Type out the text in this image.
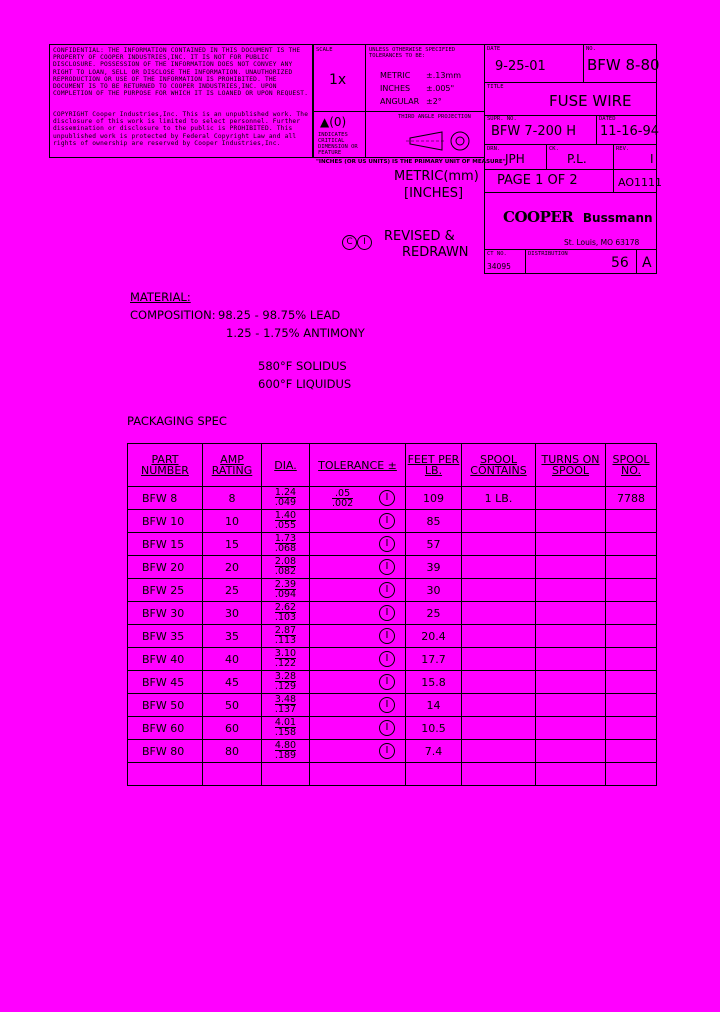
CONFIDENTIAL: THE INFORMATION CONTAINED IN THIS DOCUMENT IS THE PROPERTY OF COOPER INDUSTRIES,INC. IT IS NOT FOR PUBLIC DISCLOSURE. POSSESSION OF THE INFORMATION DOES NOT CONVEY ANY RIGHT TO LOAN, SELL OR DISCLOSE THE INFORMATION. UNAUTHORIZED REPRODUCTION OR USE OF THE INFORMATION IS PROHIBITED. THE DOCUMENT IS TO BE RETURNED TO COOPER INDUSTRIES,INC. UPON COMPLETION OF THE PURPOSE FOR WHICH IT IS LOANED OR UPON REQUEST.
COPYRIGHT Cooper Industries,Inc. This is an unpublished work. The disclosure of this work is limited to select personnel. Further dissemination or disclosure to the public is PROHIBITED. This unpublished work is protected by Federal Copyright Law and all rights of ownership are reserved by Cooper Industries,Inc.
SCALE
1x
UNLESS OTHERWISE SPECIFIED TOLERANCES TO BE:
METRIC ±.13mm
INCHES ±.005"
ANGULAR ±2°
▲(0)
INDICATES CRITICAL DIMENSION OR FEATURE
THIRD ANGLE PROJECTION
DATE
9-25-01
NO.
BFW 8-80
TITLE
FUSE WIRE
SUPR. NO.
BFW 7-200 H
DATED
11-16-94
DRN.
JPH
CK.
P.L.
REV.
I
PAGE 1 OF 2	AO1111
COOPER Bussmann
St. Louis, MO 63178
CT NO.
34095
DISTRIBUTION
56 A
"INCHES (OR US UNITS) IS THE PRIMARY UNIT OF MEASURE"
METRIC(mm)
[INCHES]
C I	REVISED &
REDRAWN
MATERIAL:
COMPOSITION: 98.25 - 98.75% LEAD
1.25 - 1.75% ANTIMONY
580°F SOLIDUS
600°F LIQUIDUS
PACKAGING SPEC
PART NUMBER	AMP RATING	DIA.	TOLERANCE ±	FEET PER LB.	SPOOL CONTAINS	TURNS ON SPOOL	SPOOL NO.
BFW 8	8	$\frac{1.24}{.049}$	$\frac{.05}{.002}$ I	109	1 LB.		7788
BFW 10	10	$\frac{1.40}{.055}$	I	85			
BFW 15	15	$\frac{1.73}{.068}$	I	57			
BFW 20	20	$\frac{2.08}{.082}$	I	39			
BFW 25	25	$\frac{2.39}{.094}$	I	30			
BFW 30	30	$\frac{2.62}{.103}$	I	25			
BFW 35	35	$\frac{2.87}{.113}$	I	20.4			
BFW 40	40	$\frac{3.10}{.122}$	I	17.7			
BFW 45	45	$\frac{3.28}{.129}$	I	15.8			
BFW 50	50	$\frac{3.48}{.137}$	I	14			
BFW 60	60	$\frac{4.01}{.158}$	I	10.5			
BFW 80	80	$\frac{4.80}{.189}$	I	7.4			
